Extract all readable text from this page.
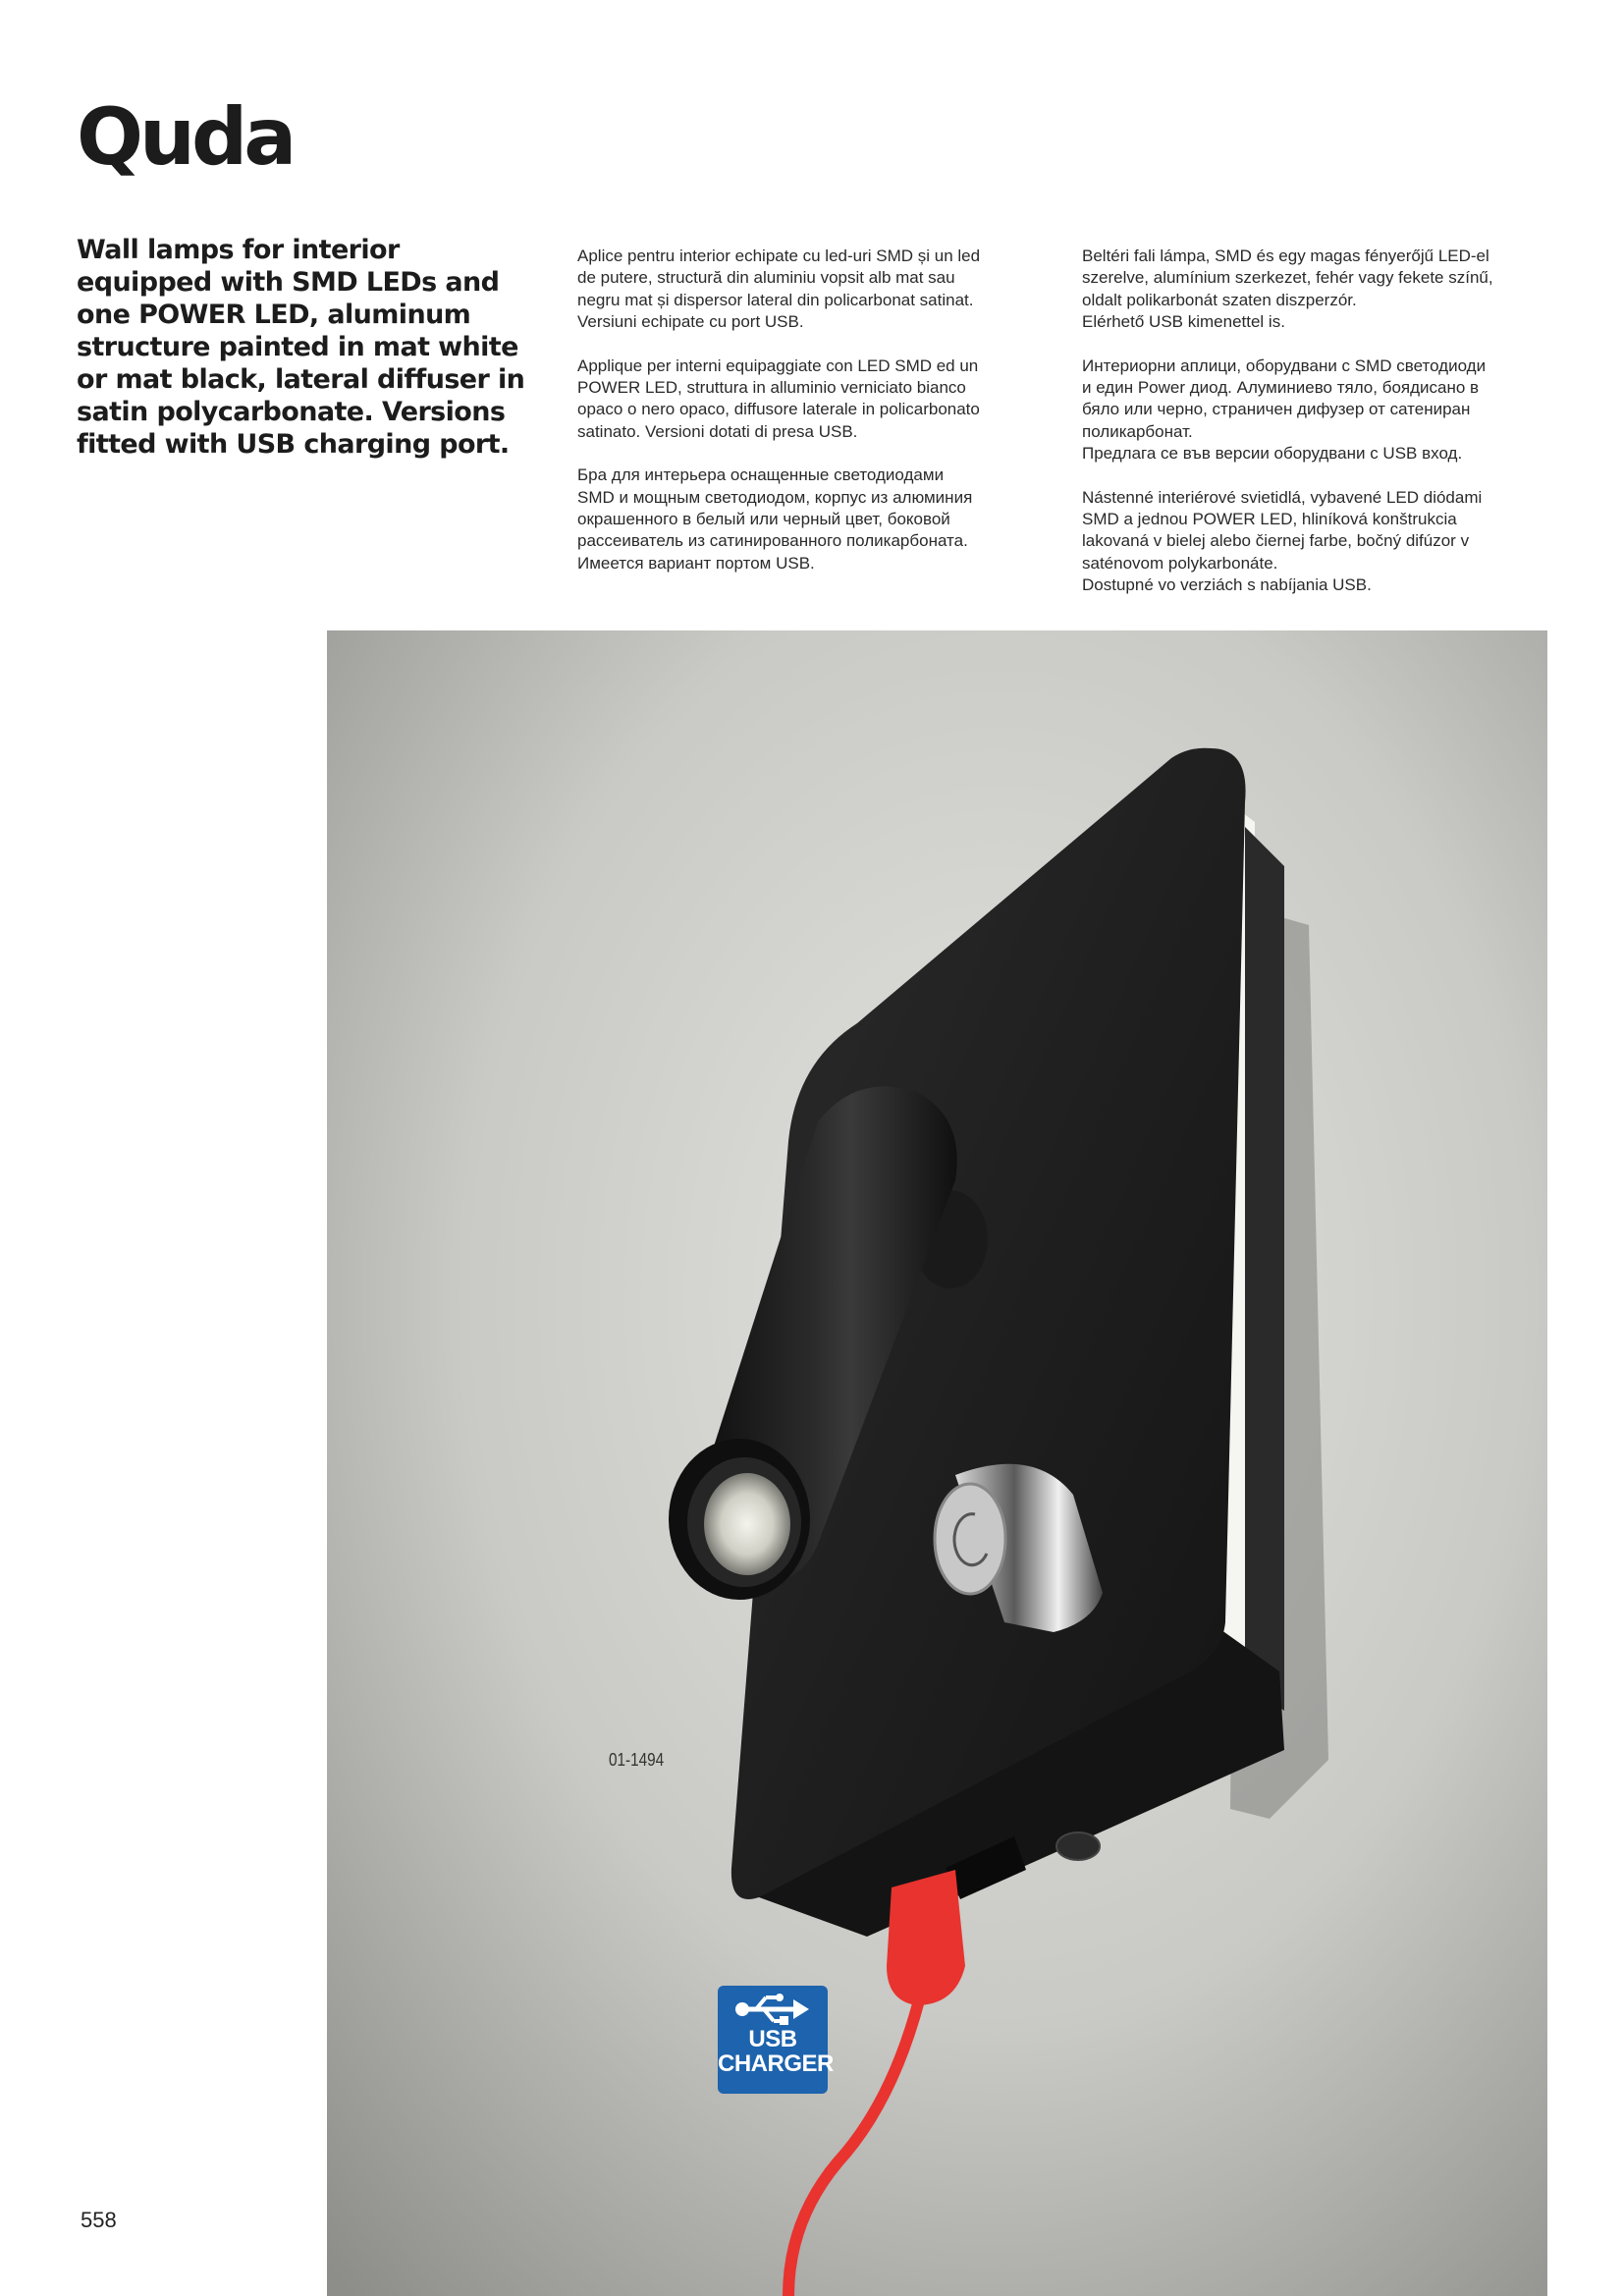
Quda

Wall lamps for interior equipped with SMD LEDs and one POWER LED, aluminum structure painted in mat white or mat black, lateral diffuser in satin polycarbonate. Versions fitted with USB charging port.

Aplice pentru interior echipate cu led-uri SMD și un led
de putere, structură din aluminiu vopsit alb mat sau
negru mat și dispersor lateral din policarbonat satinat.
Versiuni echipate cu port USB.

Applique per interni equipaggiate con LED SMD ed un
POWER LED, struttura in alluminio verniciato bianco
opaco o nero opaco, diffusore laterale in policarbonato
satinato. Versioni dotati di presa USB.

Бра для интерьера оснащенные светодиодами
SMD и мощным светодиодом, корпус из алюминия
окрашенного в белый или черный цвет, боковой
рассеиватель из сатинированного поликарбоната.
Имеется вариант портом USB.

Beltéri fali lámpa, SMD és egy magas fényerőjű LED-el
szerelve, alumínium szerkezet, fehér vagy fekete színű,
oldalt polikarbonát szaten diszperzór.
Elérhető USB kimenettel is.

Интериорни аплици, оборудвани с SMD светодиоди
и един Power диод. Алуминиево тяло, боядисано в
бяло или черно, страничен дифузер от сатениран
поликарбонат.
Предлага се във версии оборудвани с USB вход.

Nástenné interiérové svietidlá, vybavené LED diódami
SMD a jednou POWER LED, hliníková konštrukcia
lakovaná v bielej alebo čiernej farbe, bočný difúzor v
saténovom polykarbonáte.
Dostupné vo verziách s nabíjania USB.

01-1494
USB
CHARGER
558
